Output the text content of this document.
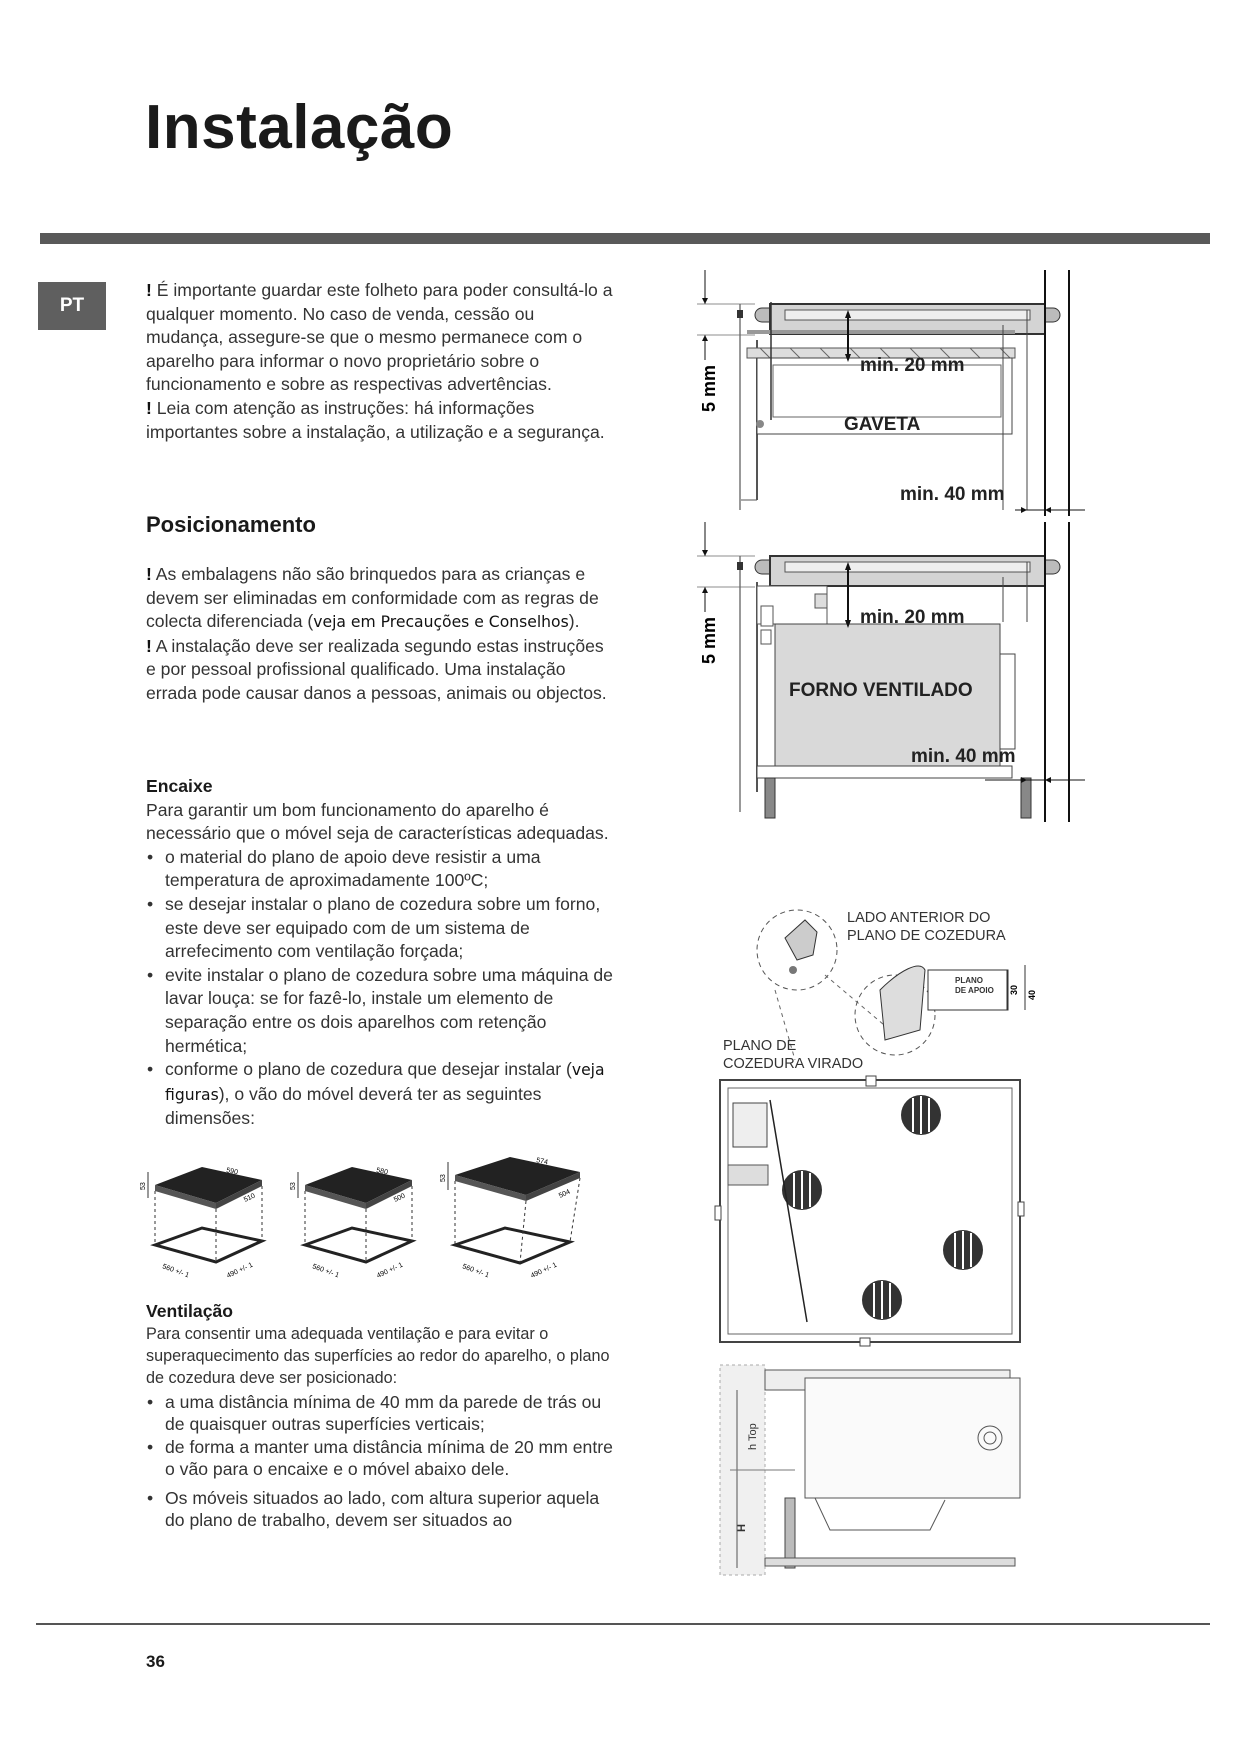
Instalação
PT

! É importante guardar este folheto para poder consultá-lo a qualquer momento. No caso de venda, cessão ou mudança, assegure-se que o mesmo permanece com o aparelho para informar o novo proprietário sobre o funcionamento e sobre as respectivas advertências.

! Leia com atenção as instruções: há informações importantes sobre a instalação, a utilização e a segurança.

Posicionamento

! As embalagens não são brinquedos para as crianças e devem ser eliminadas em conformidade com as regras de colecta diferenciada (veja em Precauções e Conselhos).

! A instalação deve ser realizada segundo estas instruções e por pessoal profissional qualificado. Uma instalação errada pode causar danos a pessoas, animais ou objectos.

Encaixe

Para garantir um bom funcionamento do aparelho é necessário que o móvel seja de características adequadas.

• o material do plano de apoio deve resistir a uma temperatura de aproximadamente 100ºC;
• se desejar instalar o plano de cozedura sobre um forno, este deve ser equipado com de um sistema de arrefecimento com ventilação forçada;
• evite instalar o plano de cozedura sobre uma máquina de lavar louça: se for fazê-lo, instale um elemento de separação entre os dois aparelhos com retenção hermética;
• conforme o plano de cozedura que desejar instalar (veja figuras), o vão do móvel deverá ter as seguintes dimensões:
53
590
510
560 +/- 1	490 +/- 1
53
580
500
560 +/- 1	490 +/- 1
53
574
504
560 +/- 1	490 +/- 1
Ventilação

Para consentir uma adequada ventilação e para evitar o superaquecimento das superfícies ao redor do aparelho, o plano de cozedura deve ser posicionado:

• a uma distância mínima de 40 mm da parede de trás ou de quaisquer outras superfícies verticais;
• de forma a manter uma distância mínima de 20 mm entre o vão para o encaixe e o móvel abaixo dele.
• Os móveis situados ao lado, com altura superior aquela do plano de trabalho, devem ser situados ao
5 mm	min. 20 mm
GAVETA
min. 40 mm
5 mm	min. 20 mm
FORNO VENTILADO
min. 40 mm
LADO ANTERIOR DO
PLANO DE COZEDURA
PLANO
DE APOIO 30 40
PLANO DE
COZEDURA VIRADO
h Top
H
36
